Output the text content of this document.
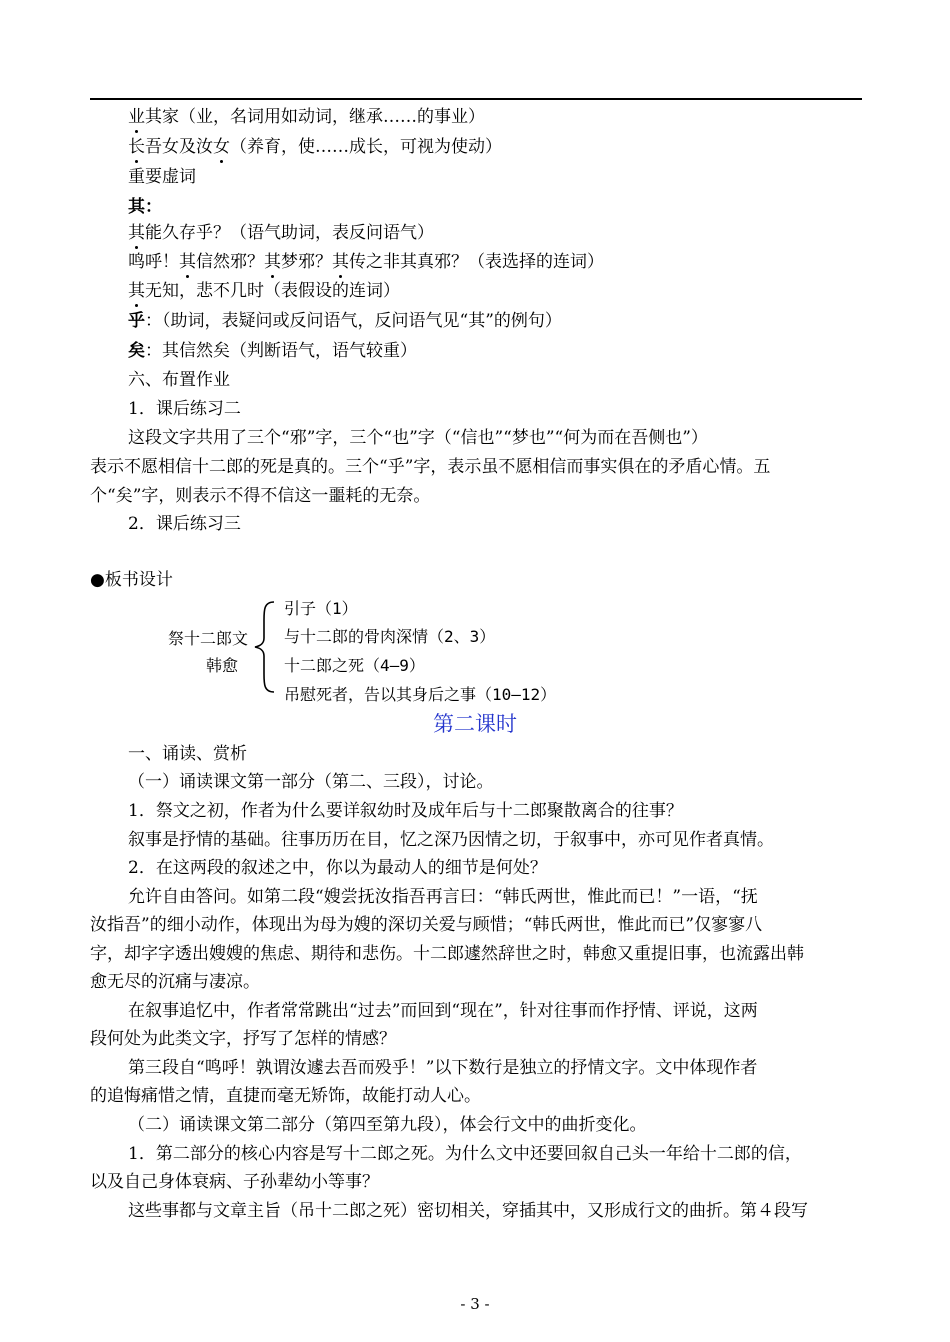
业其家（业，名词用如动词，继承……的事业）
长吾女及汝女（养育，使……成长，可视为使动）
重要虚词
其：
其能久存乎？（语气助词，表反问语气）
鸣呼！其信然邪？其梦邪？其传之非其真邪？（表选择的连词）
其无知，悲不几时（表假设的连词）
乎：（助词，表疑问或反问语气，反问语气见“其”的例句）
矣：其信然矣（判断语气，语气较重）
六、布置作业
1．课后练习二
这段文字共用了三个“邪”字，三个“也”字（“信也”“梦也”“何为而在吾侧也”）
表示不愿相信十二郎的死是真的。三个“乎”字，表示虽不愿相信而事实俱在的矛盾心情。五
个“矣”字，则表示不得不信这一噩耗的无奈。
2．课后练习三
●板书设计
祭十二郎文
韩愈
引子（1）
与十二郎的骨肉深情（2、3）
十二郎之死（4—9）
吊慰死者，告以其身后之事（10—12）
第二课时
一、诵读、赏析
（一）诵读课文第一部分（第二、三段），讨论。
1．祭文之初，作者为什么要详叙幼时及成年后与十二郎聚散离合的往事？
叙事是抒情的基础。往事历历在目，忆之深乃因情之切，于叙事中，亦可见作者真情。
2．在这两段的叙述之中，你以为最动人的细节是何处？
允许自由答问。如第二段“嫂尝抚汝指吾再言曰：“韩氏两世，惟此而已！”一语，“抚
汝指吾”的细小动作，体现出为母为嫂的深切关爱与顾惜；“韩氏两世，惟此而已”仅寥寥八
字，却字字透出嫂嫂的焦虑、期待和悲伤。十二郎遽然辞世之时，韩愈又重提旧事，也流露出韩
愈无尽的沉痛与凄凉。
在叙事追忆中，作者常常跳出“过去”而回到“现在”，针对往事而作抒情、评说，这两
段何处为此类文字，抒写了怎样的情感？
第三段自“鸣呼！孰谓汝遽去吾而殁乎！”以下数行是独立的抒情文字。文中体现作者
的追悔痛惜之情，直捷而毫无矫饰，故能打动人心。
（二）诵读课文第二部分（第四至第九段），体会行文中的曲折变化。
1．第二部分的核心内容是写十二郎之死。为什么文中还要回叙自己头一年给十二郎的信，
以及自己身体衰病、子孙辈幼小等事？
这些事都与文章主旨（吊十二郎之死）密切相关，穿插其中，又形成行文的曲折。第４段写
- 3 -
